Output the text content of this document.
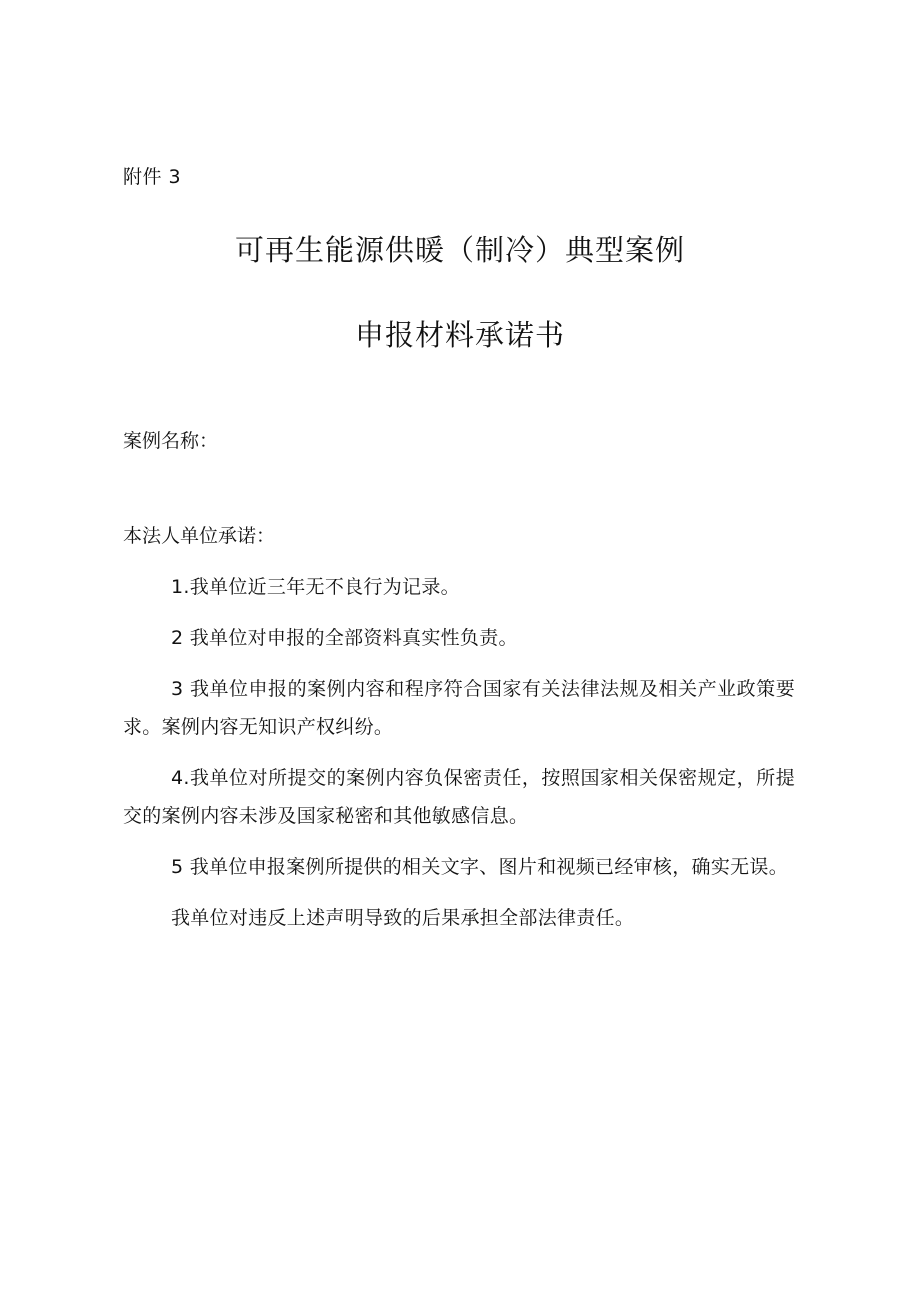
附件 3
可再生能源供暖（制冷）典型案例
申报材料承诺书
案例名称：
本法人单位承诺：

1.我单位近三年无不良行为记录。

2 我单位对申报的全部资料真实性负责。

3 我单位申报的案例内容和程序符合国家有关法律法规及相关产业政策要求。案例内容无知识产权纠纷。

4.我单位对所提交的案例内容负保密责任，按照国家相关保密规定，所提交的案例内容未涉及国家秘密和其他敏感信息。

5 我单位申报案例所提供的相关文字、图片和视频已经审核，确实无误。

我单位对违反上述声明导致的后果承担全部法律责任。
